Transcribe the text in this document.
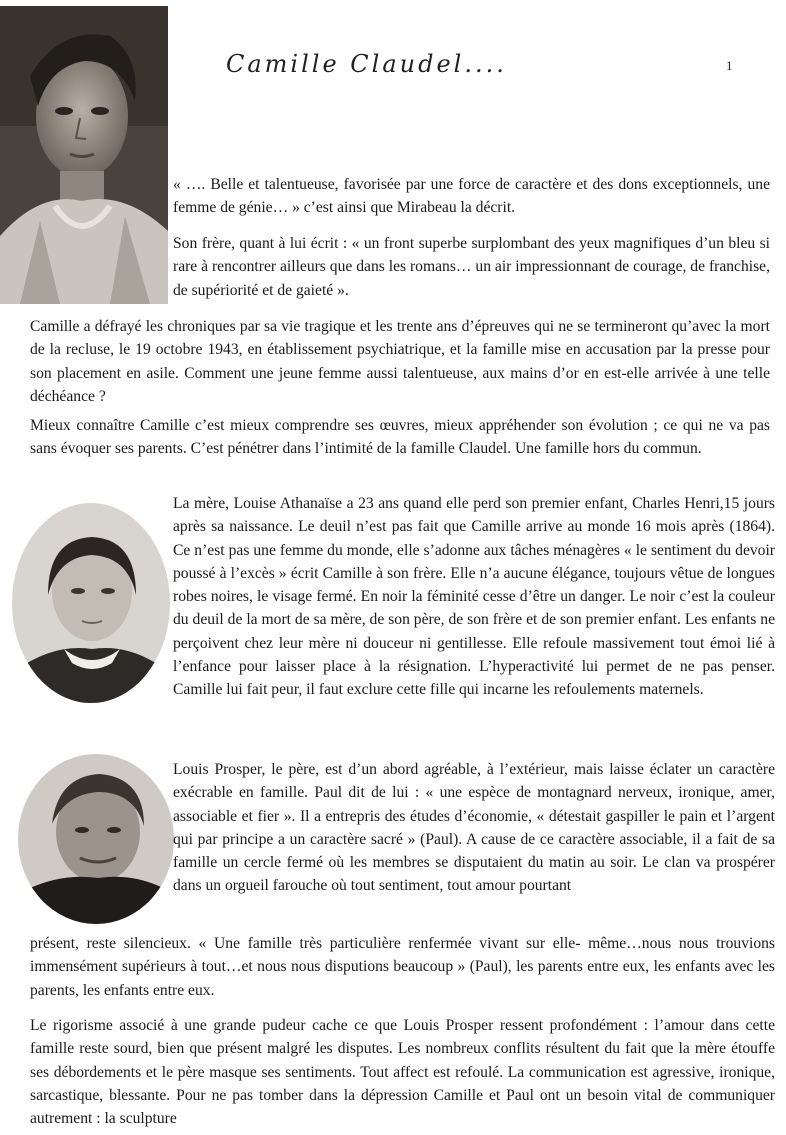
Camille Claudel....	1

« …. Belle et talentueuse, favorisée par une force de caractère et des dons exceptionnels, une femme de génie… » c’est ainsi que Mirabeau la décrit.

Son frère, quant à lui écrit : « un front superbe surplombant des yeux magnifiques d’un bleu si rare à rencontrer ailleurs que dans les romans… un air impressionnant de courage, de franchise, de supériorité et de gaieté ».

Camille a défrayé les chroniques par sa vie tragique et les trente ans d’épreuves qui ne se termineront qu’avec la mort de la recluse, le 19 octobre 1943, en établissement psychiatrique, et la famille mise en accusation par la presse pour son placement en asile. Comment une jeune femme aussi talentueuse, aux mains d’or en est-elle arrivée à une telle déchéance ?

Mieux connaître Camille c’est mieux comprendre ses œuvres, mieux appréhender son évolution ; ce qui ne va pas sans évoquer ses parents. C’est pénétrer dans l’intimité de la famille Claudel. Une famille hors du commun.

La mère, Louise Athanaïse a 23 ans quand elle perd son premier enfant, Charles Henri,15 jours après sa naissance. Le deuil n’est pas fait que Camille arrive au monde 16 mois après (1864). Ce n’est pas une femme du monde, elle s’adonne aux tâches ménagères « le sentiment du devoir poussé à l’excès » écrit Camille à son frère. Elle n’a aucune élégance, toujours vêtue de longues robes noires, le visage fermé. En noir la féminité cesse d’être un danger. Le noir c’est la couleur du deuil de la mort de sa mère, de son père, de son frère et de son premier enfant. Les enfants ne perçoivent chez leur mère ni douceur ni gentillesse. Elle refoule massivement tout émoi lié à l’enfance pour laisser place à la résignation. L’hyperactivité lui permet de ne pas penser. Camille lui fait peur, il faut exclure cette fille qui incarne les refoulements maternels.

Louis Prosper, le père, est d’un abord agréable, à l’extérieur, mais laisse éclater un caractère exécrable en famille. Paul dit de lui : « une espèce de montagnard nerveux, ironique, amer, associable et fier ». Il a entrepris des études d’économie, « détestait gaspiller le pain et l’argent qui par principe a un caractère sacré » (Paul). A cause de ce caractère associable, il a fait de sa famille un cercle fermé où les membres se disputaient du matin au soir. Le clan va prospérer dans un orgueil farouche où tout sentiment, tout amour pourtant

présent, reste silencieux. « Une famille très particulière renfermée vivant sur elle- même…nous nous trouvions immensément supérieurs à tout…et nous nous disputions beaucoup » (Paul), les parents entre eux, les enfants avec les parents, les enfants entre eux.

Le rigorisme associé à une grande pudeur cache ce que Louis Prosper ressent profondément : l’amour dans cette famille reste sourd, bien que présent malgré les disputes. Les nombreux conflits résultent du fait que la mère étouffe ses débordements et le père masque ses sentiments. Tout affect est refoulé. La communication est agressive, ironique, sarcastique, blessante. Pour ne pas tomber dans la dépression Camille et Paul ont un besoin vital de communiquer autrement : la sculpture
